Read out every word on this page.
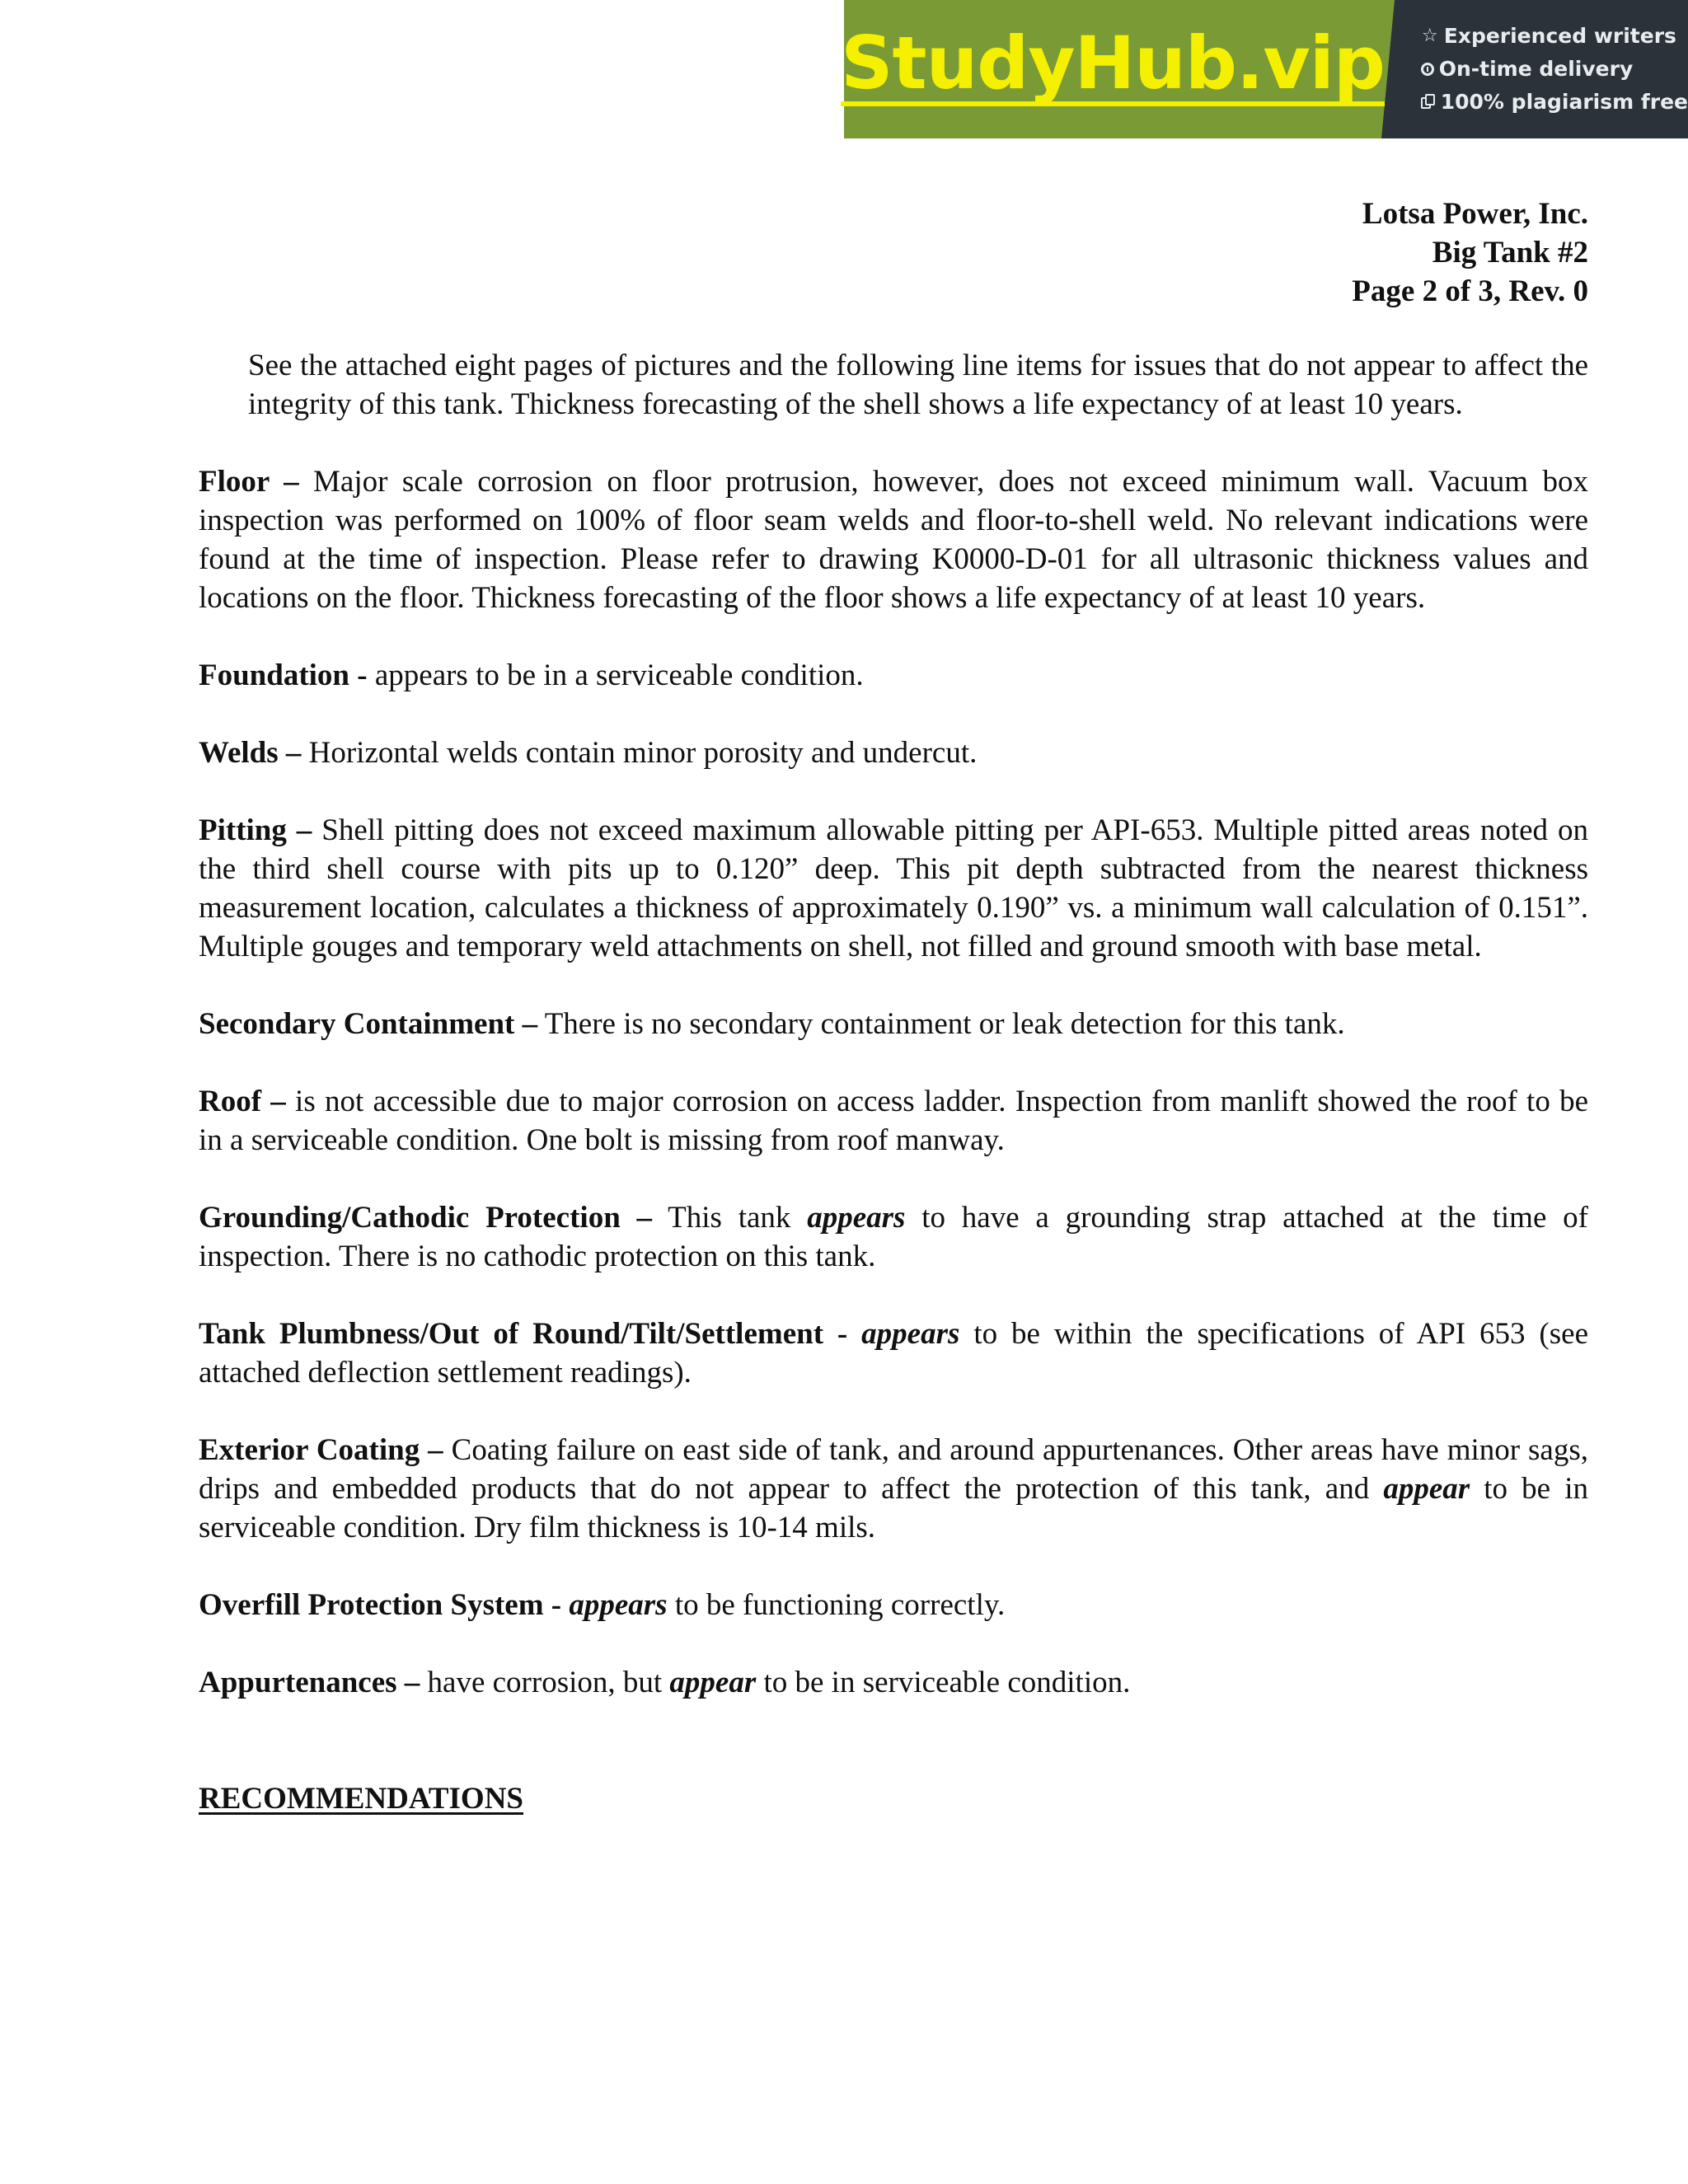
StudyHub.vip ☆ Experienced writers
On-time delivery
100% plagiarism free
Lotsa Power, Inc.
Big Tank #2
Page 2 of 3, Rev. 0

See the attached eight pages of pictures and the following line items for issues that do not appear to affect the integrity of this tank. Thickness forecasting of the shell shows a life expectancy of at least 10 years.

Floor – Major scale corrosion on floor protrusion, however, does not exceed minimum wall. Vacuum box inspection was performed on 100% of floor seam welds and floor-to-shell weld. No relevant indications were found at the time of inspection. Please refer to drawing K0000-D-01 for all ultrasonic thickness values and locations on the floor. Thickness forecasting of the floor shows a life expectancy of at least 10 years.

Foundation - appears to be in a serviceable condition.

Welds – Horizontal welds contain minor porosity and undercut.

Pitting – Shell pitting does not exceed maximum allowable pitting per API-653. Multiple pitted areas noted on the third shell course with pits up to 0.120” deep. This pit depth subtracted from the nearest thickness measurement location, calculates a thickness of approximately 0.190” vs. a minimum wall calculation of 0.151”. Multiple gouges and temporary weld attachments on shell, not filled and ground smooth with base metal.

Secondary Containment – There is no secondary containment or leak detection for this tank.

Roof – is not accessible due to major corrosion on access ladder. Inspection from manlift showed the roof to be in a serviceable condition. One bolt is missing from roof manway.

Grounding/Cathodic Protection – This tank appears to have a grounding strap attached at the time of inspection. There is no cathodic protection on this tank.

Tank Plumbness/Out of Round/Tilt/Settlement - appears to be within the specifications of API 653 (see attached deflection settlement readings).

Exterior Coating – Coating failure on east side of tank, and around appurtenances. Other areas have minor sags, drips and embedded products that do not appear to affect the protection of this tank, and appear to be in serviceable condition. Dry film thickness is 10-14 mils.

Overfill Protection System - appears to be functioning correctly.

Appurtenances – have corrosion, but appear to be in serviceable condition.

RECOMMENDATIONS
